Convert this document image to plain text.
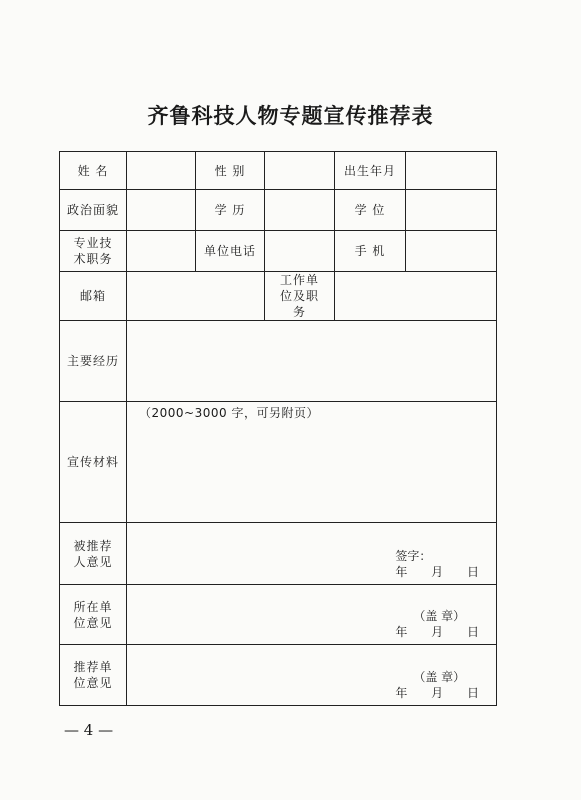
齐鲁科技人物专题宣传推荐表
姓 名		性 别		出生年月	
政治面貌		学 历		学 位	
专业技术职务		单位电话		手 机	
邮箱			工作单位及职务		
主要经历					
宣传材料	（2000~3000 字，可另附页）				

被推荐人意见	签字：
年 月 日				

所在单位意见	（盖 章）
年 月 日				

推荐单位意见	（盖 章）
年 月 日				
— 4 —
